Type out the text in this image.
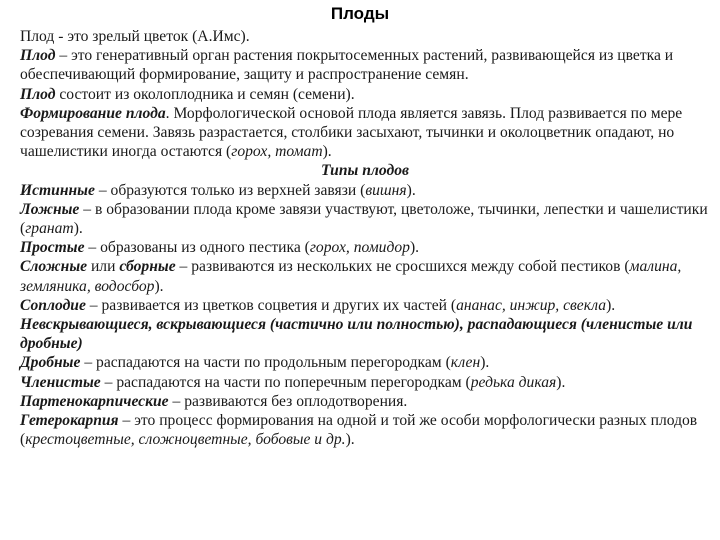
Плоды

Плод - это зрелый цветок (А.Имс).

Плод – это генеративный орган растения покрытосеменных растений, развивающейся из цветка и обеспечивающий формирование, защиту и распространение семян.

Плод состоит из околоплодника и семян (семени).

Формирование плода. Морфологической основой плода является завязь. Плод развивается по мере созревания семени. Завязь разрастается, столбики засыхают, тычинки и околоцветник опадают, но чашелистики иногда остаются (горох, томат).

Типы плодов

Истинные – образуются только из верхней завязи (вишня).

Ложные – в образовании плода кроме завязи участвуют, цветоложе, тычинки, лепестки и чашелистики (гранат).

Простые – образованы из одного пестика (горох, помидор).

Сложные или сборные – развиваются из нескольких не сросшихся между собой пестиков (малина, земляника, водосбор).

Соплодие – развивается из цветков соцветия и других их частей (ананас, инжир, свекла).

Невскрывающиеся, вскрывающиеся (частично или полностью), распадающиеся (членистые или дробные)

Дробные – распадаются на части по продольным перегородкам (клен).

Членистые – распадаются на части по поперечным перегородкам (редька дикая).

Партенокарпические – развиваются без оплодотворения.

Гетерокарпия – это процесс формирования на одной и той же особи морфологически разных плодов (крестоцветные, сложноцветные, бобовые и др.).
